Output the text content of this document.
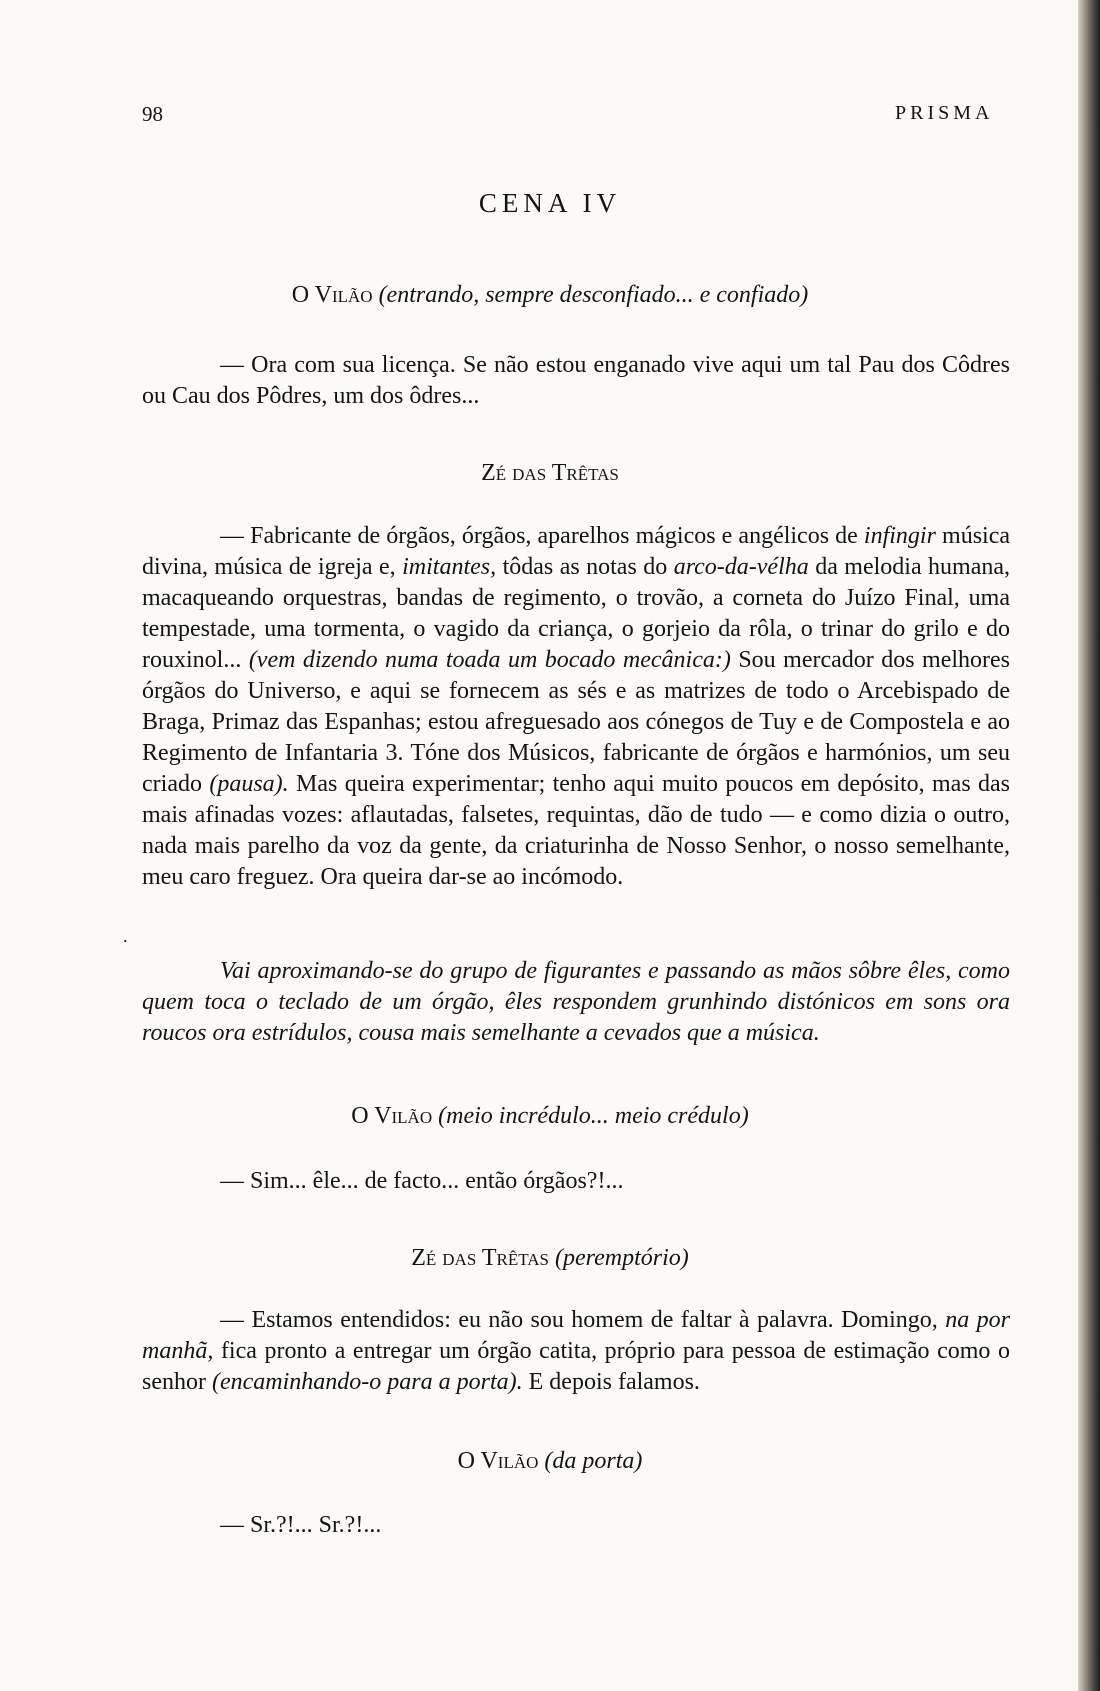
98	PRISMA
CENA IV
O Vilão (entrando, sempre desconfiado... e confiado)
— Ora com sua licença. Se não estou enganado vive aqui um tal Pau dos Côdres ou Cau dos Pôdres, um dos ôdres...
Zé das Trêtas
— Fabricante de órgãos, órgãos, aparelhos mágicos e angélicos de infingir música divina, música de igreja e, imitantes, tôdas as notas do arco-da-vélha da melodia humana, macaqueando orquestras, bandas de regimento, o trovão, a corneta do Juízo Final, uma tempestade, uma tormenta, o vagido da criança, o gorjeio da rôla, o trinar do grilo e do rouxinol... (vem dizendo numa toada um bocado mecânica:) Sou mercador dos melhores órgãos do Universo, e aqui se fornecem as sés e as matrizes de todo o Arcebispado de Braga, Primaz das Espanhas; estou afreguesado aos cónegos de Tuy e de Compostela e ao Regimento de Infantaria 3. Tóne dos Músicos, fabricante de órgãos e harmónios, um seu criado (pausa). Mas queira experimentar; tenho aqui muito poucos em depósito, mas das mais afinadas vozes: aflautadas, falsetes, requintas, dão de tudo — e como dizia o outro, nada mais parelho da voz da gente, da criaturinha de Nosso Senhor, o nosso semelhante, meu caro freguez. Ora queira dar-se ao incómodo.
.
Vai aproximando-se do grupo de figurantes e passando as mãos sôbre êles, como quem toca o teclado de um órgão, êles respondem grunhindo distónicos em sons ora roucos ora estrídulos, cousa mais semelhante a cevados que a música.
O Vilão (meio incrédulo... meio crédulo)
— Sim... êle... de facto... então órgãos?!...
Zé das Trêtas (peremptório)
— Estamos entendidos: eu não sou homem de faltar à palavra. Domingo, na por manhã, fica pronto a entregar um órgão catita, próprio para pessoa de estimação como o senhor (encaminhando-o para a porta). E depois falamos.
O Vilão (da porta)
— Sr.?!... Sr.?!...
